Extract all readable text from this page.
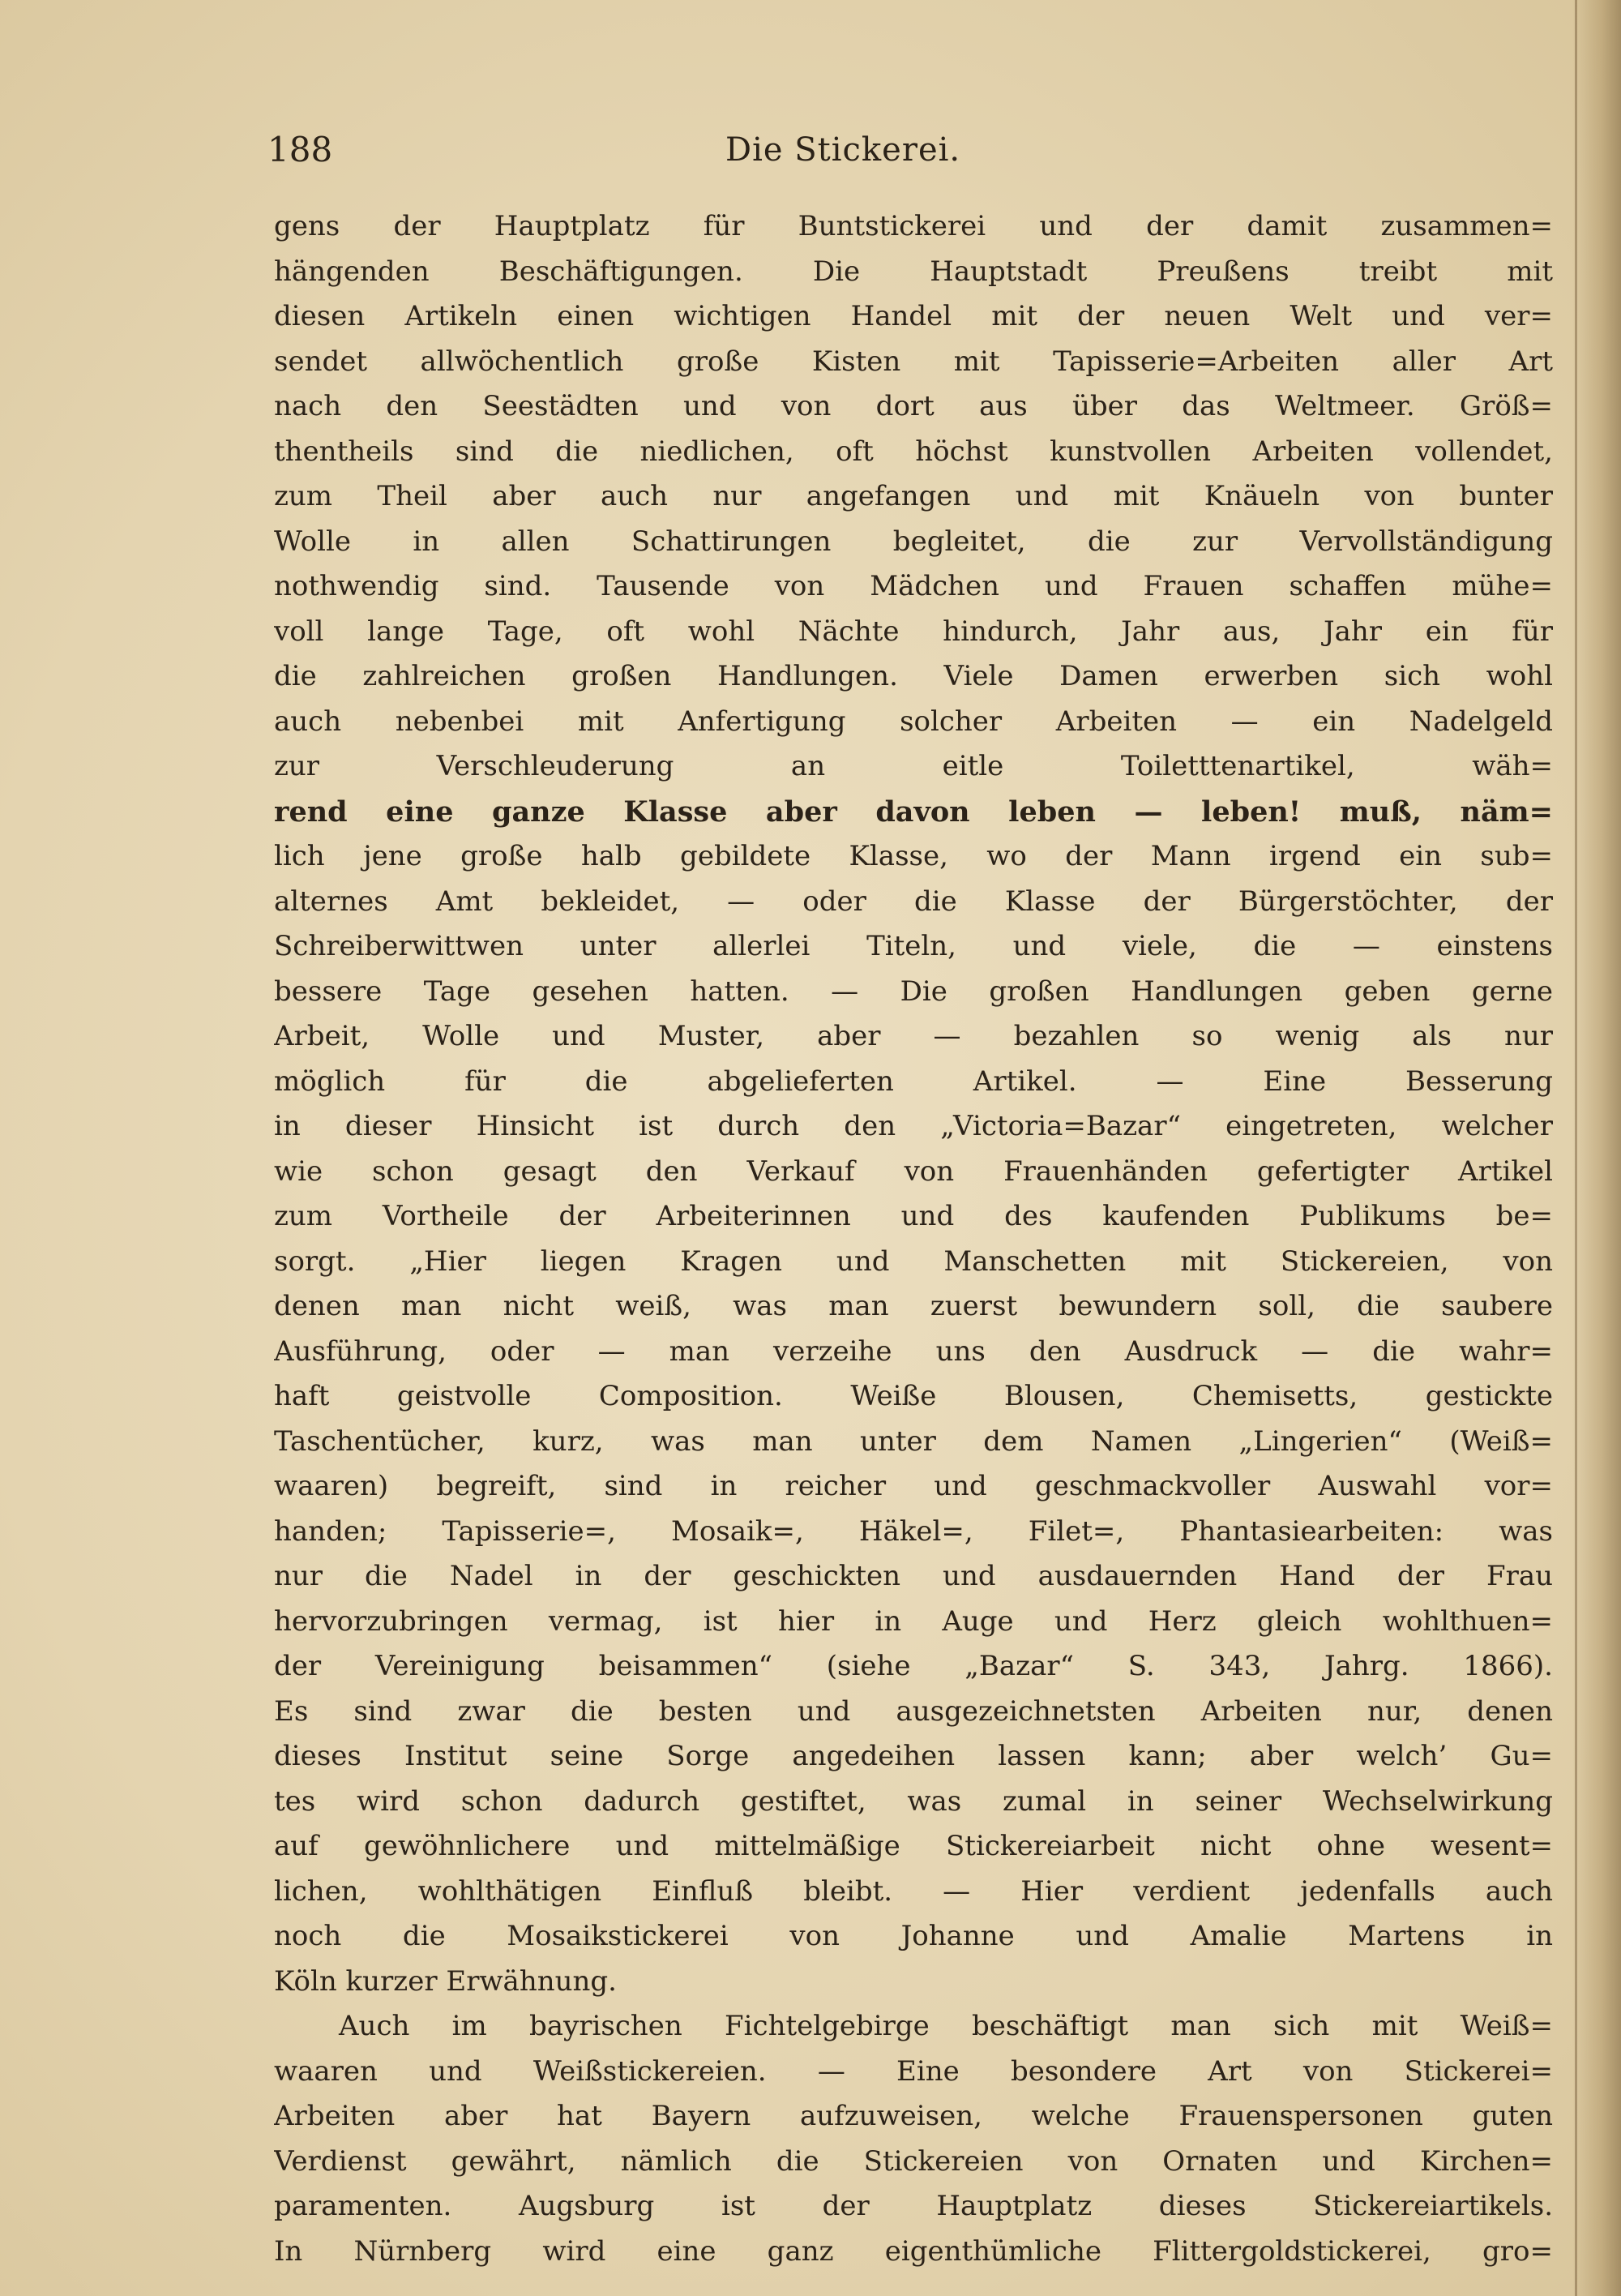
188	Die Stickerei.
gens der Hauptplatz für Buntstickerei und der damit zusammen=
hängenden Beschäftigungen. Die Hauptstadt Preußens treibt mit
diesen Artikeln einen wichtigen Handel mit der neuen Welt und ver=
sendet allwöchentlich große Kisten mit Tapisserie=Arbeiten aller Art
nach den Seestädten und von dort aus über das Weltmeer. Größ=
thentheils sind die niedlichen, oft höchst kunstvollen Arbeiten vollendet,
zum Theil aber auch nur angefangen und mit Knäueln von bunter
Wolle in allen Schattirungen begleitet, die zur Vervollständigung
nothwendig sind. Tausende von Mädchen und Frauen schaffen mühe=
voll lange Tage, oft wohl Nächte hindurch, Jahr aus, Jahr ein für
die zahlreichen großen Handlungen. Viele Damen erwerben sich wohl
auch nebenbei mit Anfertigung solcher Arbeiten — ein Nadelgeld
zur Verschleuderung an eitle Toiletttenartikel, wäh=
rend eine ganze Klasse aber davon leben — leben! muß, näm=
lich jene große halb gebildete Klasse, wo der Mann irgend ein sub=
alternes Amt bekleidet, — oder die Klasse der Bürgerstöchter, der
Schreiberwittwen unter allerlei Titeln, und viele, die — einstens
bessere Tage gesehen hatten. — Die großen Handlungen geben gerne
Arbeit, Wolle und Muster, aber — bezahlen so wenig als nur
möglich für die abgelieferten Artikel. — Eine Besserung
in dieser Hinsicht ist durch den „Victoria=Bazar“ eingetreten, welcher
wie schon gesagt den Verkauf von Frauenhänden gefertigter Artikel
zum Vortheile der Arbeiterinnen und des kaufenden Publikums be=
sorgt. „Hier liegen Kragen und Manschetten mit Stickereien, von
denen man nicht weiß, was man zuerst bewundern soll, die saubere
Ausführung, oder — man verzeihe uns den Ausdruck — die wahr=
haft geistvolle Composition. Weiße Blousen, Chemisetts, gestickte
Taschentücher, kurz, was man unter dem Namen „Lingerien“ (Weiß=
waaren) begreift, sind in reicher und geschmackvoller Auswahl vor=
handen; Tapisserie=, Mosaik=, Häkel=, Filet=, Phantasiearbeiten: was
nur die Nadel in der geschickten und ausdauernden Hand der Frau
hervorzubringen vermag, ist hier in Auge und Herz gleich wohlthuen=
der Vereinigung beisammen“ (siehe „Bazar“ S. 343, Jahrg. 1866).
Es sind zwar die besten und ausgezeichnetsten Arbeiten nur, denen
dieses Institut seine Sorge angedeihen lassen kann; aber welch’ Gu=
tes wird schon dadurch gestiftet, was zumal in seiner Wechselwirkung
auf gewöhnlichere und mittelmäßige Stickereiarbeit nicht ohne wesent=
lichen, wohlthätigen Einfluß bleibt. — Hier verdient jedenfalls auch
noch die Mosaikstickerei von Johanne und Amalie Martens in
Köln kurzer Erwähnung.
Auch im bayrischen Fichtelgebirge beschäftigt man sich mit Weiß=
waaren und Weißstickereien. — Eine besondere Art von Stickerei=
Arbeiten aber hat Bayern aufzuweisen, welche Frauenspersonen guten
Verdienst gewährt, nämlich die Stickereien von Ornaten und Kirchen=
paramenten. Augsburg ist der Hauptplatz dieses Stickereiartikels.
In Nürnberg wird eine ganz eigenthümliche Flittergoldstickerei, gro=
